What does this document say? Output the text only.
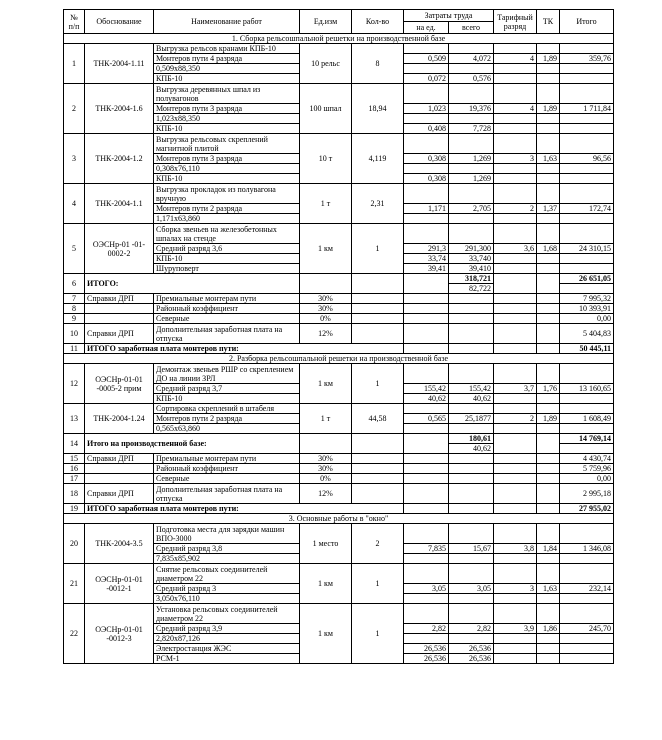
№ п/п	Обоснование	Наименование работ	Ед.изм	Кол-во	Затраты труда		Тарифный разряд	ТК	Итого
					на ед.	всего			
1. Сборка рельсошпальной решетки на производственной базе									
1	ТНК-2004-1.11	Выгрузка рельсов кранами КПБ-10	10 рельс	8					
		Монтеров пути 4 разряда			0,509	4,072	4	1,89	359,76
		0,509х88,350							
		КПБ-10			0,072	0,576			
2	ТНК-2004-1.6	Выгрузка деревянных шпал из полувагонов	100 шпал	18,94					
		Монтеров пути 3 разряда			1,023	19,376	4	1,89	1 711,84
		1,023х88,350							
		КПБ-10			0,408	7,728			
3	ТНК-2004-1.2	Выгрузка рельсовых скреплений магнитной плитой	10 т	4,119					
		Монтеров пути 3 разряда			0,308	1,269	3	1,63	96,56
		0,308х76,110							
		КПБ-10			0,308	1,269			
4	ТНК-2004-1.1	Выгрузка прокладок из полувагона вручную	1 т	2,31					
		Монтеров пути 2 разряда			1,171	2,705	2	1,37	172,74
		1,171х63,860							
5	ОЭСНр-01 -01-0002-2	Сборка звеньев на железобетонных шпалах на стенде	1 км	1					
		Средний разряд 3,6			291,3	291,300	3,6	1,68	24 310,15
		КПБ-10			33,74	33,740			
		Шуруповерт			39,41	39,410			
6	ИТОГО:					318,721			26 651,05
						82,722			
7	Справки ДРП	Премиальные монтерам пути	30%						7 995,32
8		Районный коэффициент	30%						10 393,91
9		Северные	0%						0,00
10	Справки ДРП	Дополнительная заработная плата на отпуска	12%						5 404,83
11	ИТОГО заработная плата монтеров пути:								50 445,11
2. Разборка рельсошпальной решетки на производственной базе									
12	ОЭСНр-01-01 -0005-2 прим	Демонтаж звеньев РШР со скреплением ДО на линии ЗРЛ	1 км	1					
		Средний разряд 3,7			155,42	155,42	3,7	1,76	13 160,65
		КПБ-10			40,62	40,62			
13	ТНК-2004-1.24	Сортировка скреплений в штабеля	1 т	44,58					
		Монтеров пути 2 разряда			0,565	25,1877	2	1,89	1 608,49
		0,565х63,860							
14	Итого на производственной базе:					180,61			14 769,14
						40,62			
15	Справки ДРП	Премиальные монтерам пути	30%						4 430,74
16		Районный коэффициент	30%						5 759,96
17		Северные	0%						0,00
18	Справки ДРП	Дополнительная заработная плата на отпуска	12%						2 995,18
19	ИТОГО заработная плата монтеров пути:								27 955,02
3. Основные работы в "окно"									
20	ТНК-2004-3.5	Подготовка места для зарядки машин ВПО-3000	1 место	2					
		Средний разряд 3,8			7,835	15,67	3,8	1,84	1 346,08
		7,835х85,902							
21	ОЭСНр-01-01 -0012-1	Снятие рельсовых соединителей диаметром 22	1 км	1					
		Средний разряд 3			3,05	3,05	3	1,63	232,14
		3,050х76,110							
22	ОЭСНр-01-01 -0012-3	Установка рельсовых соединителей диаметром 22	1 км	1					
		Средний разряд 3,9			2,82	2,82	3,9	1,86	245,70
		2,820х87,126							
		Электростанция ЖЭС			26,536	26,536			
		РСМ-1			26,536	26,536			
